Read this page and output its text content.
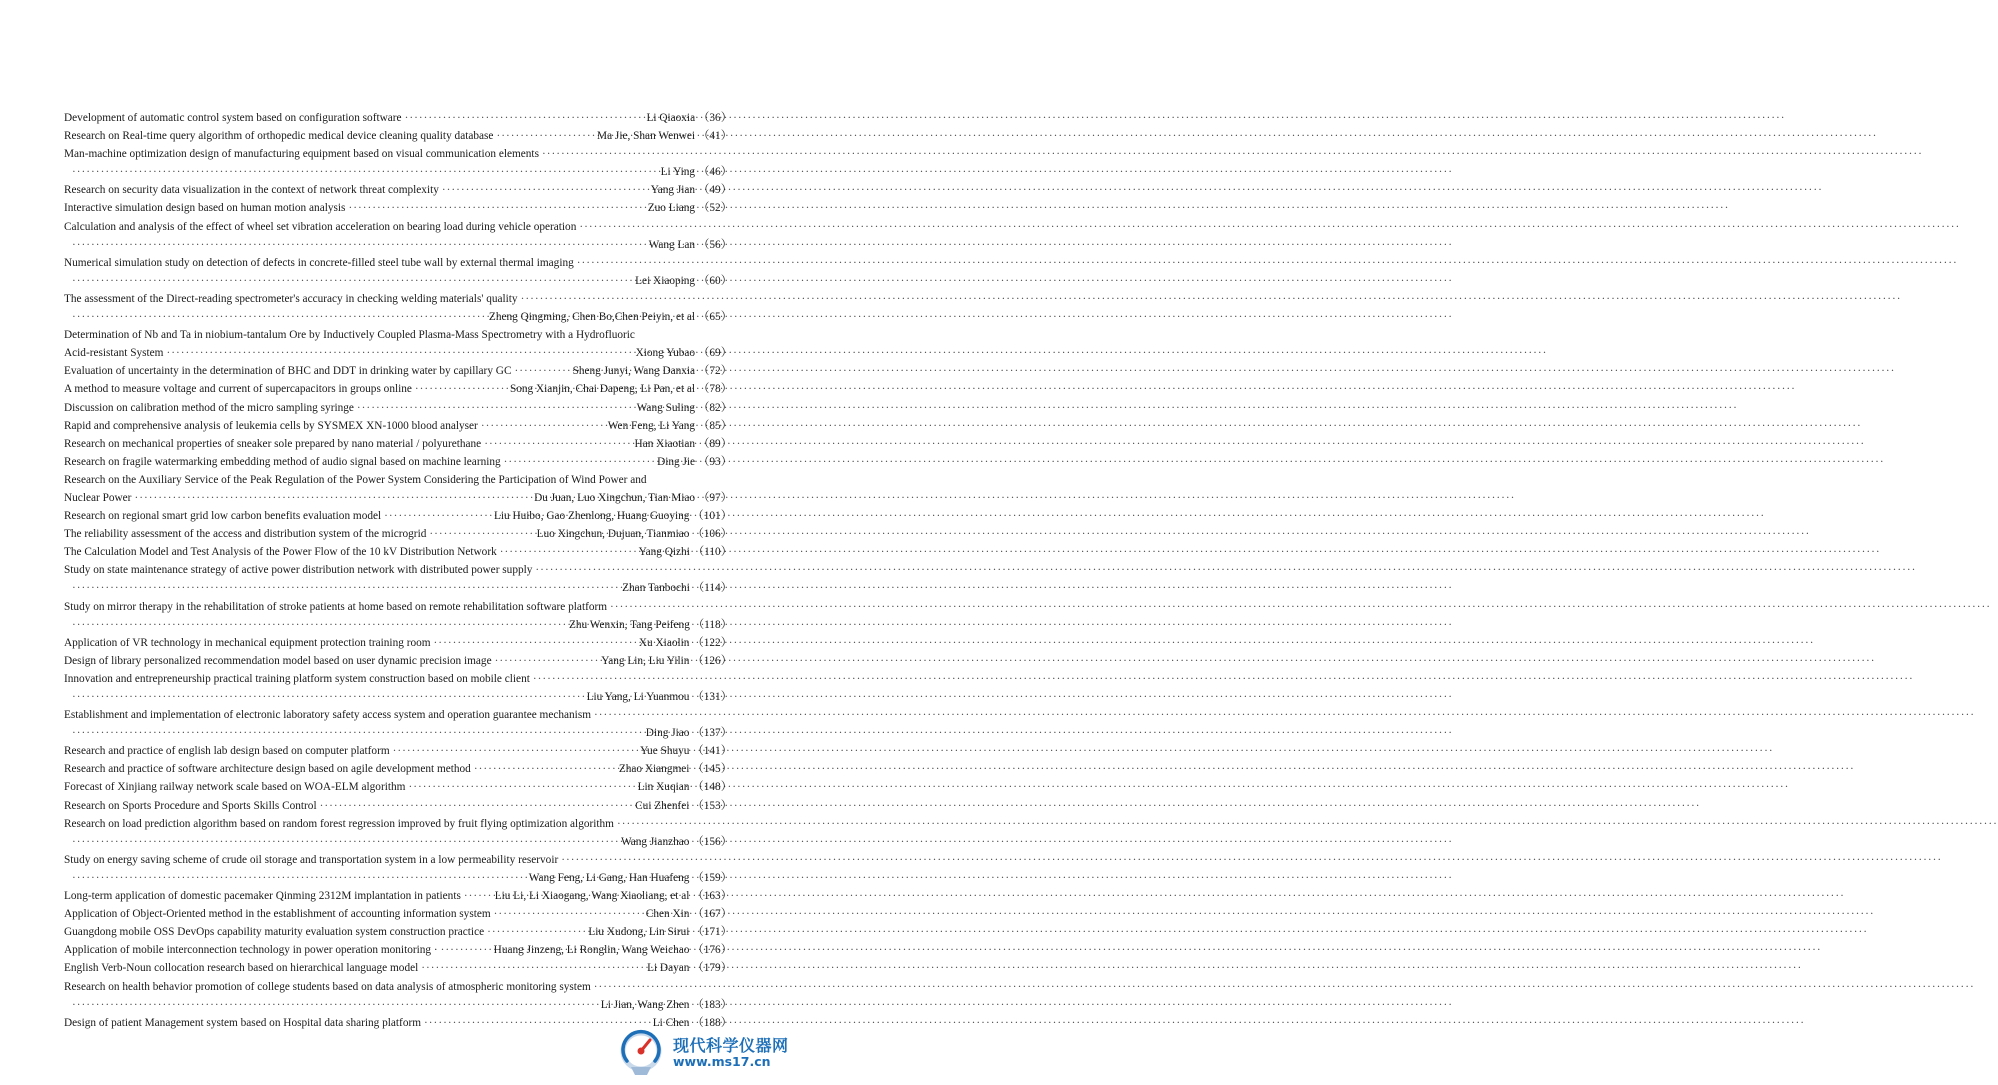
Development of automatic control system based on configuration software ·····	Li Qiaoxia	（ 36 ）
Research on Real-time query algorithm of orthopedic medical device cleaning quality database ·····	Ma Jie, Shan Wenwei	（ 41 ）
Man-machine optimization design of manufacturing equipment based on visual communication elements
·····
·····
Li Ying	（ 46 ）
Research on security data visualization in the context of network threat complexity ·····	Yang Jian	（ 49 ）
Interactive simulation design based on human motion analysis ·····	Zuo Liang	（ 52 ）
Calculation and analysis of the effect of wheel set vibration acceleration on bearing load during vehicle operation
·····
·····
Wang Lan	（ 56 ）
Numerical simulation study on detection of defects in concrete-filled steel tube wall by external thermal imaging
·····
·····
Lei Xiaoping	（ 60 ）
The assessment of the Direct-reading spectrometer's accuracy in checking welding materials' quality
·····
·····
Zheng Qingming, Chen Bo,Chen Peiyin, et al	（ 65 ）
Determination of Nb and Ta in niobium-tantalum Ore by Inductively Coupled Plasma-Mass Spectrometry with a Hydrofluoric
Acid-resistant System ·····	Xiong Yubao	（ 69 ）
Evaluation of uncertainty in the determination of BHC and DDT in drinking water by capillary GC ·····	Sheng Junyi, Wang Danxia	（ 72 ）
A method to measure voltage and current of supercapacitors in groups online ·····	Song Xianjin, Chai Dapeng, Li Pan, et al	（ 78 ）
Discussion on calibration method of the micro sampling syringe ·····	Wang Suling	（ 82 ）
Rapid and comprehensive analysis of leukemia cells by SYSMEX XN-1000 blood analyser ·····	Wen Feng, Li Yang	（ 85 ）
Research on mechanical properties of sneaker sole prepared by nano material / polyurethane ·····	Han Xiaotian	（ 89 ）
Research on fragile watermarking embedding method of audio signal based on machine learning ·····	Ding Jie	（ 93 ）
Research on the Auxiliary Service of the Peak Regulation of the Power System Considering the Participation of Wind Power and
Nuclear Power ·····	Du Juan, Luo Xingchun, Tian Miao	（ 97 ）
Research on regional smart grid low carbon benefits evaluation model ·····	Liu Huibo, Gao Zhenlong, Huang Guoying	（ 101 ）
The reliability assessment of the access and distribution system of the microgrid ·····	Luo Xingchun, Dujuan, Tianmiao	（ 106 ）
The Calculation Model and Test Analysis of the Power Flow of the 10 kV Distribution Network ·····	Yang Qizhi	（ 110 ）
Study on state maintenance strategy of active power distribution network with distributed power supply
·····
·····
Zhan Tanbochi	（ 114 ）
Study on mirror therapy in the rehabilitation of stroke patients at home based on remote rehabilitation software platform
·····
·····
Zhu Wenxin, Tang Peifeng	（ 118 ）
Application of VR technology in mechanical equipment protection training room ·····	Xu Xiaolin	（ 122 ）
Design of library personalized recommendation model based on user dynamic precision image ·····	Yang Lin, Liu Yilin	（ 126 ）
Innovation and entrepreneurship practical training platform system construction based on mobile client
·····
·····
Liu Yang, Li Yuanmou	（ 131 ）
Establishment and implementation of electronic laboratory safety access system and operation guarantee mechanism
·····
·····
Ding Jiao	（ 137 ）
Research and practice of english lab design based on computer platform ·····	Yue Shuyu	（ 141 ）
Research and practice of software architecture design based on agile development method ·····	Zhao Xiangmei	（ 145 ）
Forecast of Xinjiang railway network scale based on WOA-ELM algorithm ·····	Lin Xuqian	（ 148 ）
Research on Sports Procedure and Sports Skills Control ·····	Cui Zhenfei	（ 153 ）
Research on load prediction algorithm based on random forest regression improved by fruit flying optimization algorithm
·····
·····
Wang Jianzhao	（ 156 ）
Study on energy saving scheme of crude oil storage and transportation system in a low permeability reservoir
·····
·····
Wang Feng, Li Gang, Han Huafeng	（ 159 ）
Long-term application of domestic pacemaker Qinming 2312M implantation in patients ·····	Liu Li, Li Xiaogang, Wang Xiaoliang, et al	（ 163 ）
Application of Object-Oriented method in the establishment of accounting information system ·····	Chen Xin	（ 167 ）
Guangdong mobile OSS DevOps capability maturity evaluation system construction practice ·····	Liu Xudong, Lin Sirui	（ 171 ）
Application of mobile interconnection technology in power operation monitoring · ·····	Huang Jinzeng, Li Ronglin, Wang Weichao	（ 176 ）
English Verb-Noun collocation research based on hierarchical language model ·····	Li Dayan	（ 179 ）
Research on health behavior promotion of college students based on data analysis of atmospheric monitoring system
·····
·····
Li Jian, Wang Zhen	（ 183 ）
Design of patient Management system based on Hospital data sharing platform ·····	Li Chen	（ 188 ）
现代科学仪器网
www.ms17.cn
